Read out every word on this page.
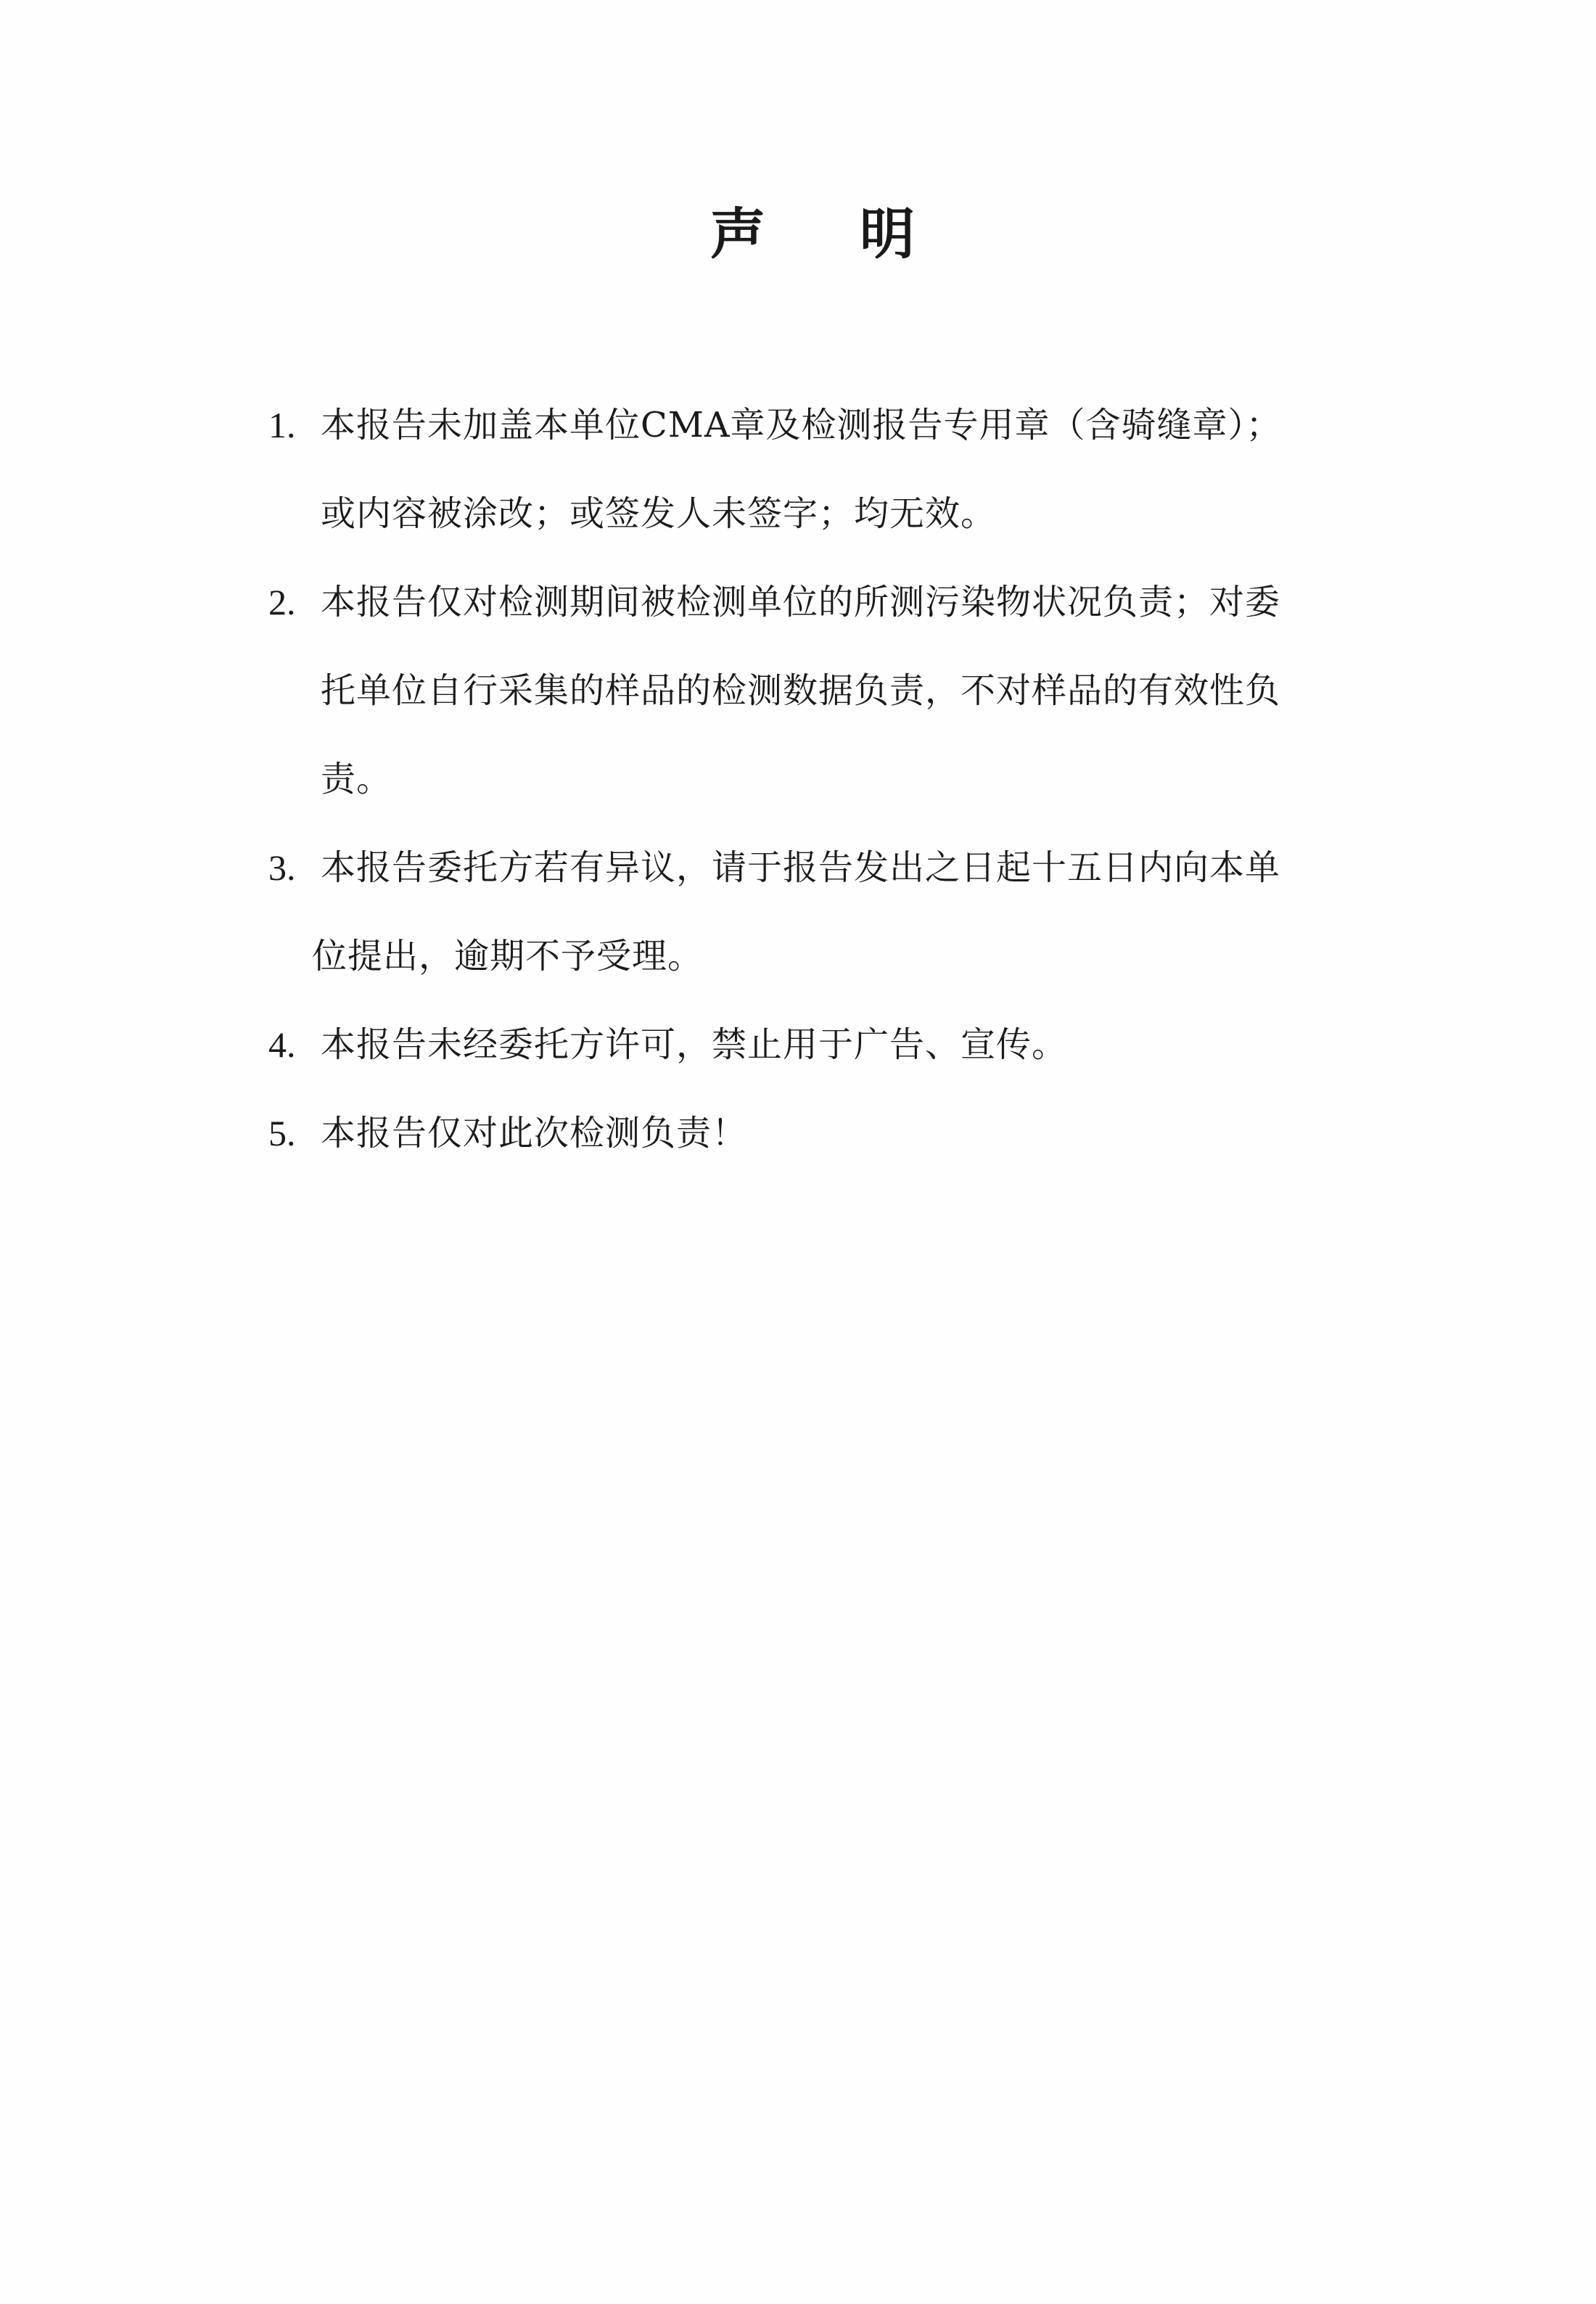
声 明
1. 本报告未加盖本单位CMA章及检测报告专用章（含骑缝章）；
或内容被涂改；或签发人未签字；均无效。
2. 本报告仅对检测期间被检测单位的所测污染物状况负责；对委
托单位自行采集的样品的检测数据负责，不对样品的有效性负
责。
3. 本报告委托方若有异议，请于报告发出之日起十五日内向本单
位提出，逾期不予受理。
4. 本报告未经委托方许可，禁止用于广告、宣传。
5. 本报告仅对此次检测负责！
